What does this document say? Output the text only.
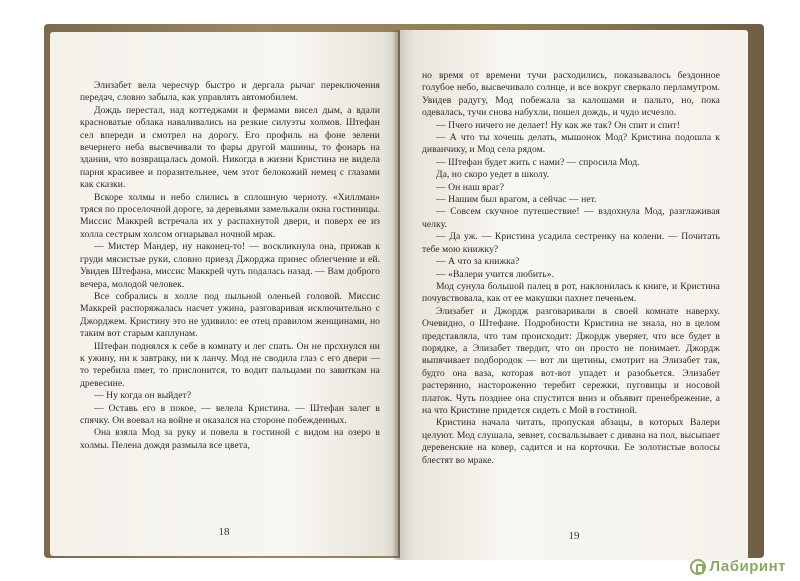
Элизабет вела чересчур быстро и дергала рычаг переключения передач, словно забыла, как управлять автомобилем.

Дождь перестал, над коттеджами и фермами висел дым, а вдали красноватые облака наваливались на резкие силуэты холмов. Штефан сел впереди и смотрел на дорогу. Его профиль на фоне зелени вечернего неба высвечивали то фары другой машины, то фонарь на здании, что возвращалась домой. Никогда в жизни Кристина не видела парня красивее и поразительнее, чем этот белокожий немец с глазами как сказки.

Вскоре холмы и небо слились в сплошную черноту. «Хиллман» тряся по проселочной дороге, за деревьями замелькали окна гостиницы. Миссис Маккрей встречала их у распахнутой двери, и поверх ее из холла сестрым холсом огнарывал ночной мрак.

— Мистер Мандер, ну наконец-то! — воскликнула она, прижав к груди мясистые руки, словно приезд Джорджа принес облегчение и ей. Увидев Штефана, миссис Маккрей чуть подалась назад. — Вам доброго вечера, молодой человек.

Все собрались в холле под пыльной оленьей головой. Миссис Маккрей распоряжалась насчет ужина, разговаривая исключительно с Джорджем. Кристину это не удивило: ее отец правилом женщинами, но таким вот старым каплунам.

Штефан поднялся к себе в комнату и лег спать. Он не прсхнулся ни к ужину, ни к завтраку, ни к ланчу. Мод не сводила глаз с его двери — то теребила пмет, то прислонится, то водит пальцами по завиткам на древесине.

— Ну когда он выйдет?

— Оставь его в покое, — велела Кристина. — Штефан залег в спячку. Он воевал на войне и оказался на стороне побежденных.

Она взяла Мод за руку и повела в гостиной с видом на озеро в холмы. Пелена дождя размыла все цвета,

18

но время от времени тучи расходились, показывалось бездонное голубое небо, высвечивало солнце, и все вокруг сверкало перламутром. Увидев радугу, Мод побежала за калошами и пальто, но, пока одевалась, тучи снова набухли, пошел дождь, и чудо исчезло.

— Пчего ничего не делает! Ну как же так? Он спит и спит!

— А что ты хочешь делать, мышонок Мод? Кристина подошла к диванчику, и Мод села рядом.

— Штефан будет жить с нами? — спросила Мод.

Да, но скоро уедет в школу.

— Он наш враг?

— Нашим был врагом, а сейчас — нет.

— Совсем скучное путешествие! — вздохнула Мод, разглаживая челку.

— Да уж. — Кристина усадила сестренку на колени. — Почитать тебе мою книжку?

— А что за книжка?

— «Валери учится любить».

Мод сунула большой палец в рот, наклонилась к книге, и Кристина почувствовала, как от ее макушки пахнет печеньем.

Элизабет и Джордж разговаривали в своей комнате наверху. Очевидно, о Штефане. Подробности Кристина не знала, но в целом представляла, что там происходит: Джордж уверяет, что все будет в порядке, а Элизабет твердит, что он просто не понимает. Джордж выпячивает подбородок — вот ли щетины, смотрит на Элизабет так, будто она ваза, которая вот-вот упадет и разобьется. Элизабет растерянно, настороженно теребит сережки, пуговицы и носовой платок. Чуть позднее она спустится вниз и объявит пренебрежение, а на что Кристине придется сидеть с Мой в гостиной.

Кристина начала читать, пропуская абзацы, в которых Валери целуют. Мод слушала, зевнет, сосвальзывает с дивана на пол, высыпает деревенские на ковер, садится и на корточки. Ее золотистые волосы блестят во мраке.

19
Лабиринт
